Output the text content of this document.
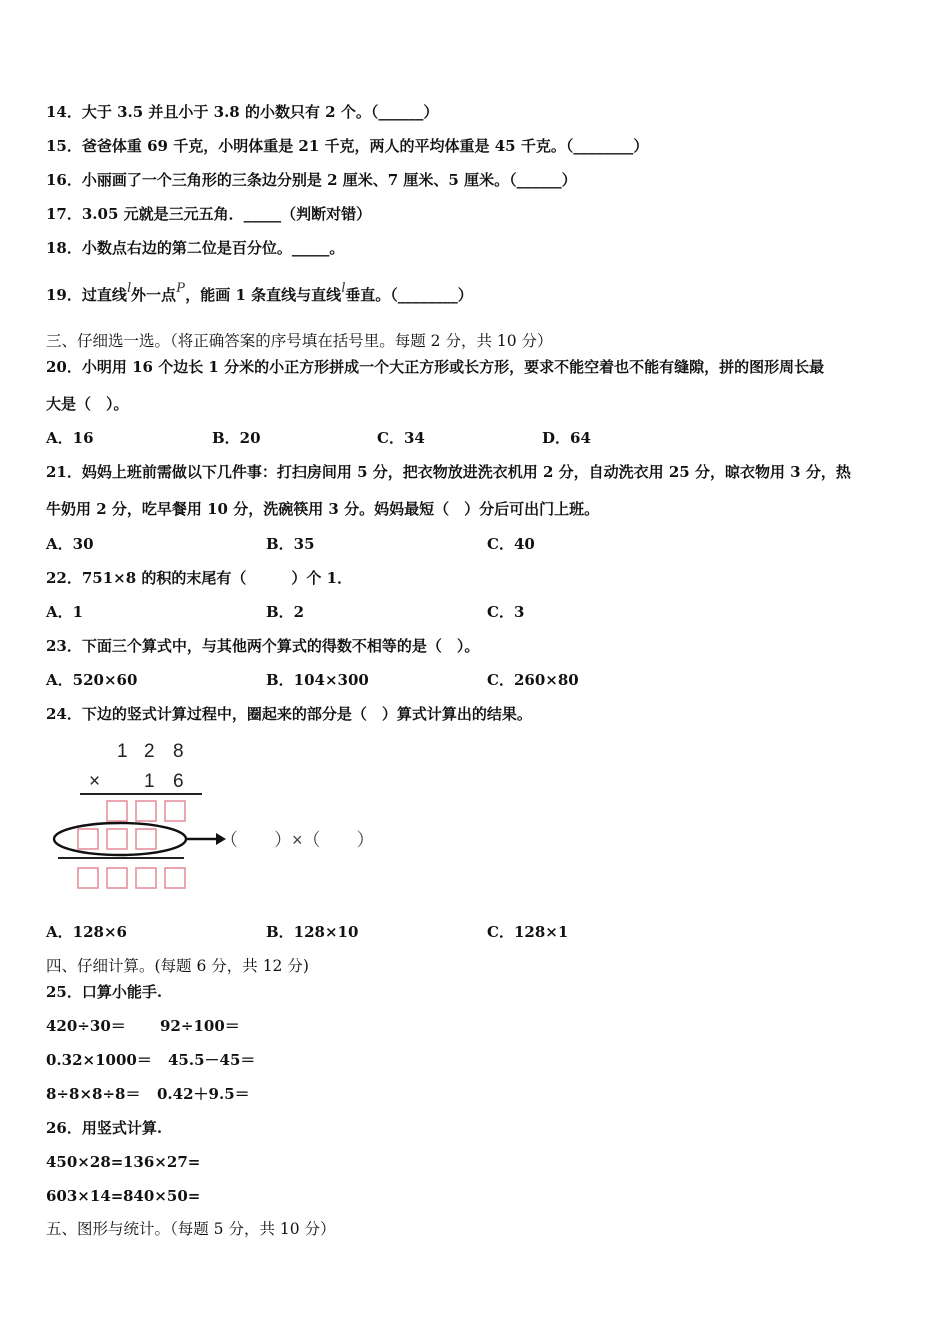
14．大于 3.5 并且小于 3.8 的小数只有 2 个。（______）
15．爸爸体重 69 千克，小明体重是 21 千克，两人的平均体重是 45 千克。（________）
16．小丽画了一个三角形的三条边分别是 2 厘米、7 厘米、5 厘米。（______）
17．3.05 元就是三元五角．_____（判断对错）
18．小数点右边的第二位是百分位。_____。
19．过直线l外一点P，能画 1 条直线与直线l垂直。（________）
三、仔细选一选。（将正确答案的序号填在括号里。每题 2 分，共 10 分）
20．小明用 16 个边长 1 分米的小正方形拼成一个大正方形或长方形，要求不能空着也不能有缝隙，拼的图形周长最
大是（　）。
A．16	B．20	C．34	D．64
21．妈妈上班前需做以下几件事：打扫房间用 5 分，把衣物放进洗衣机用 2 分，自动洗衣用 25 分，晾衣物用 3 分，热
牛奶用 2 分，吃早餐用 10 分，洗碗筷用 3 分。妈妈最短（　）分后可出门上班。
A．30	B．35	C．40
22．751×8 的积的末尾有（　　　）个 1．
A．1	B．2	C．3
23．下面三个算式中，与其他两个算式的得数不相等的是（　）。
A．520×60	B．104×300	C．260×80
24．下边的竖式计算过程中，圈起来的部分是（　）算式计算出的结果。
1 2 8
× 1 6
（　　）×（　　）
A．128×6	B．128×10	C．128×1
四、仔细计算。(每题 6 分，共 12 分)
25．口算小能手.
420÷30＝ 92÷100＝
0.32×1000＝ 45.5－45＝
8÷8×8÷8＝ 0.42＋9.5＝
26．用竖式计算.
450×28= 136×27=
603×14= 840×50=
五、图形与统计。（每题 5 分，共 10 分）
